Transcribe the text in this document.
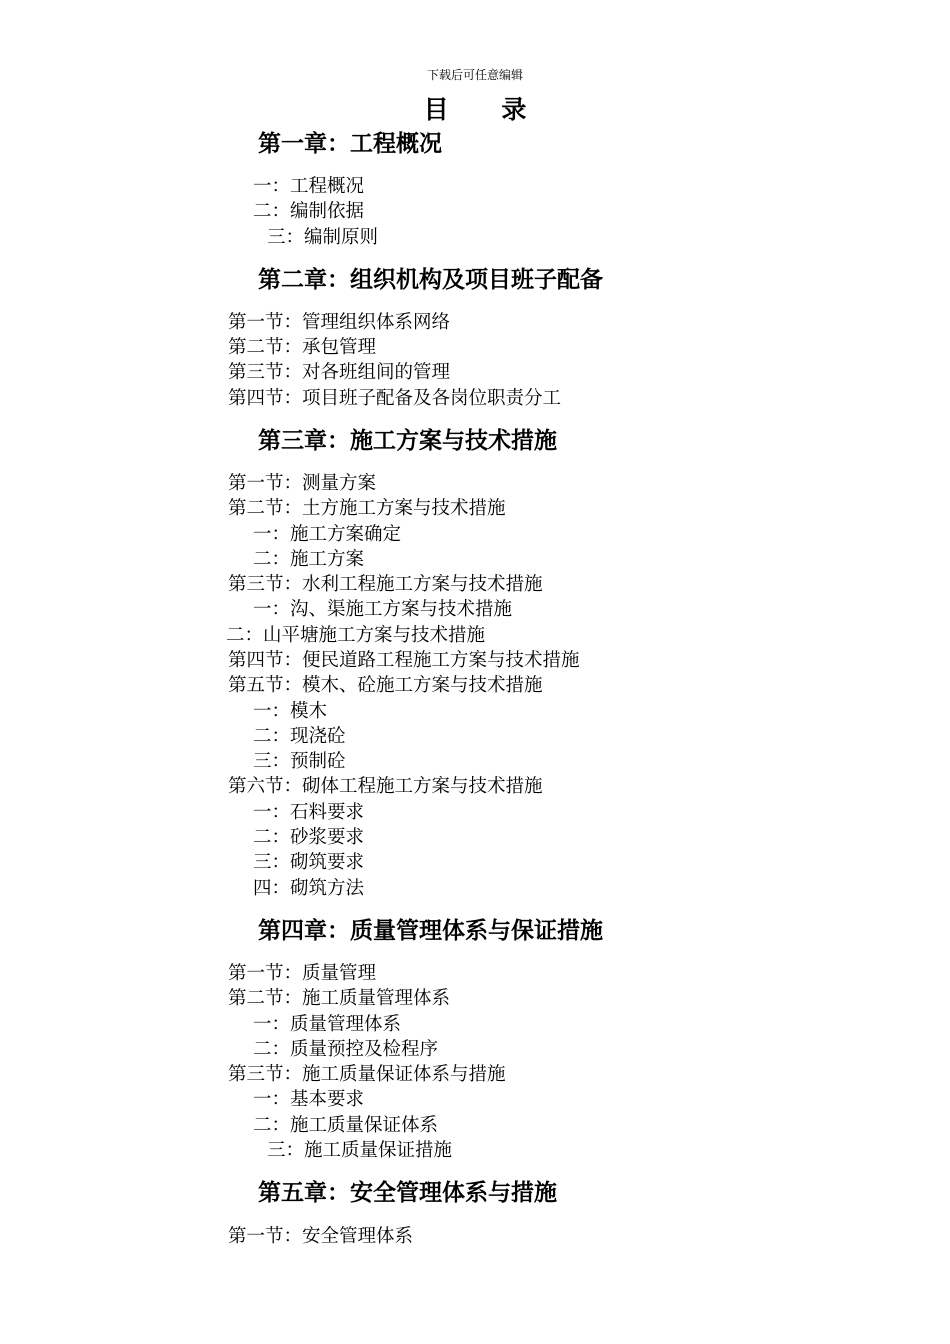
下载后可任意编辑
目 录
第一章：工程概况
一：工程概况
二：编制依据
三：编制原则
第二章：组织机构及项目班子配备
第一节：管理组织体系网络
第二节：承包管理
第三节：对各班组间的管理
第四节：项目班子配备及各岗位职责分工
第三章：施工方案与技术措施
第一节：测量方案
第二节：土方施工方案与技术措施
一：施工方案确定
二：施工方案
第三节：水利工程施工方案与技术措施
一：沟、渠施工方案与技术措施
二：山平塘施工方案与技术措施
第四节：便民道路工程施工方案与技术措施
第五节：模木、砼施工方案与技术措施
一：模木
二：现浇砼
三：预制砼
第六节：砌体工程施工方案与技术措施
一：石料要求
二：砂浆要求
三：砌筑要求
四：砌筑方法
第四章：质量管理体系与保证措施
第一节：质量管理
第二节：施工质量管理体系
一：质量管理体系
二：质量预控及检程序
第三节：施工质量保证体系与措施
一：基本要求
二：施工质量保证体系
三：施工质量保证措施
第五章：安全管理体系与措施
第一节：安全管理体系
